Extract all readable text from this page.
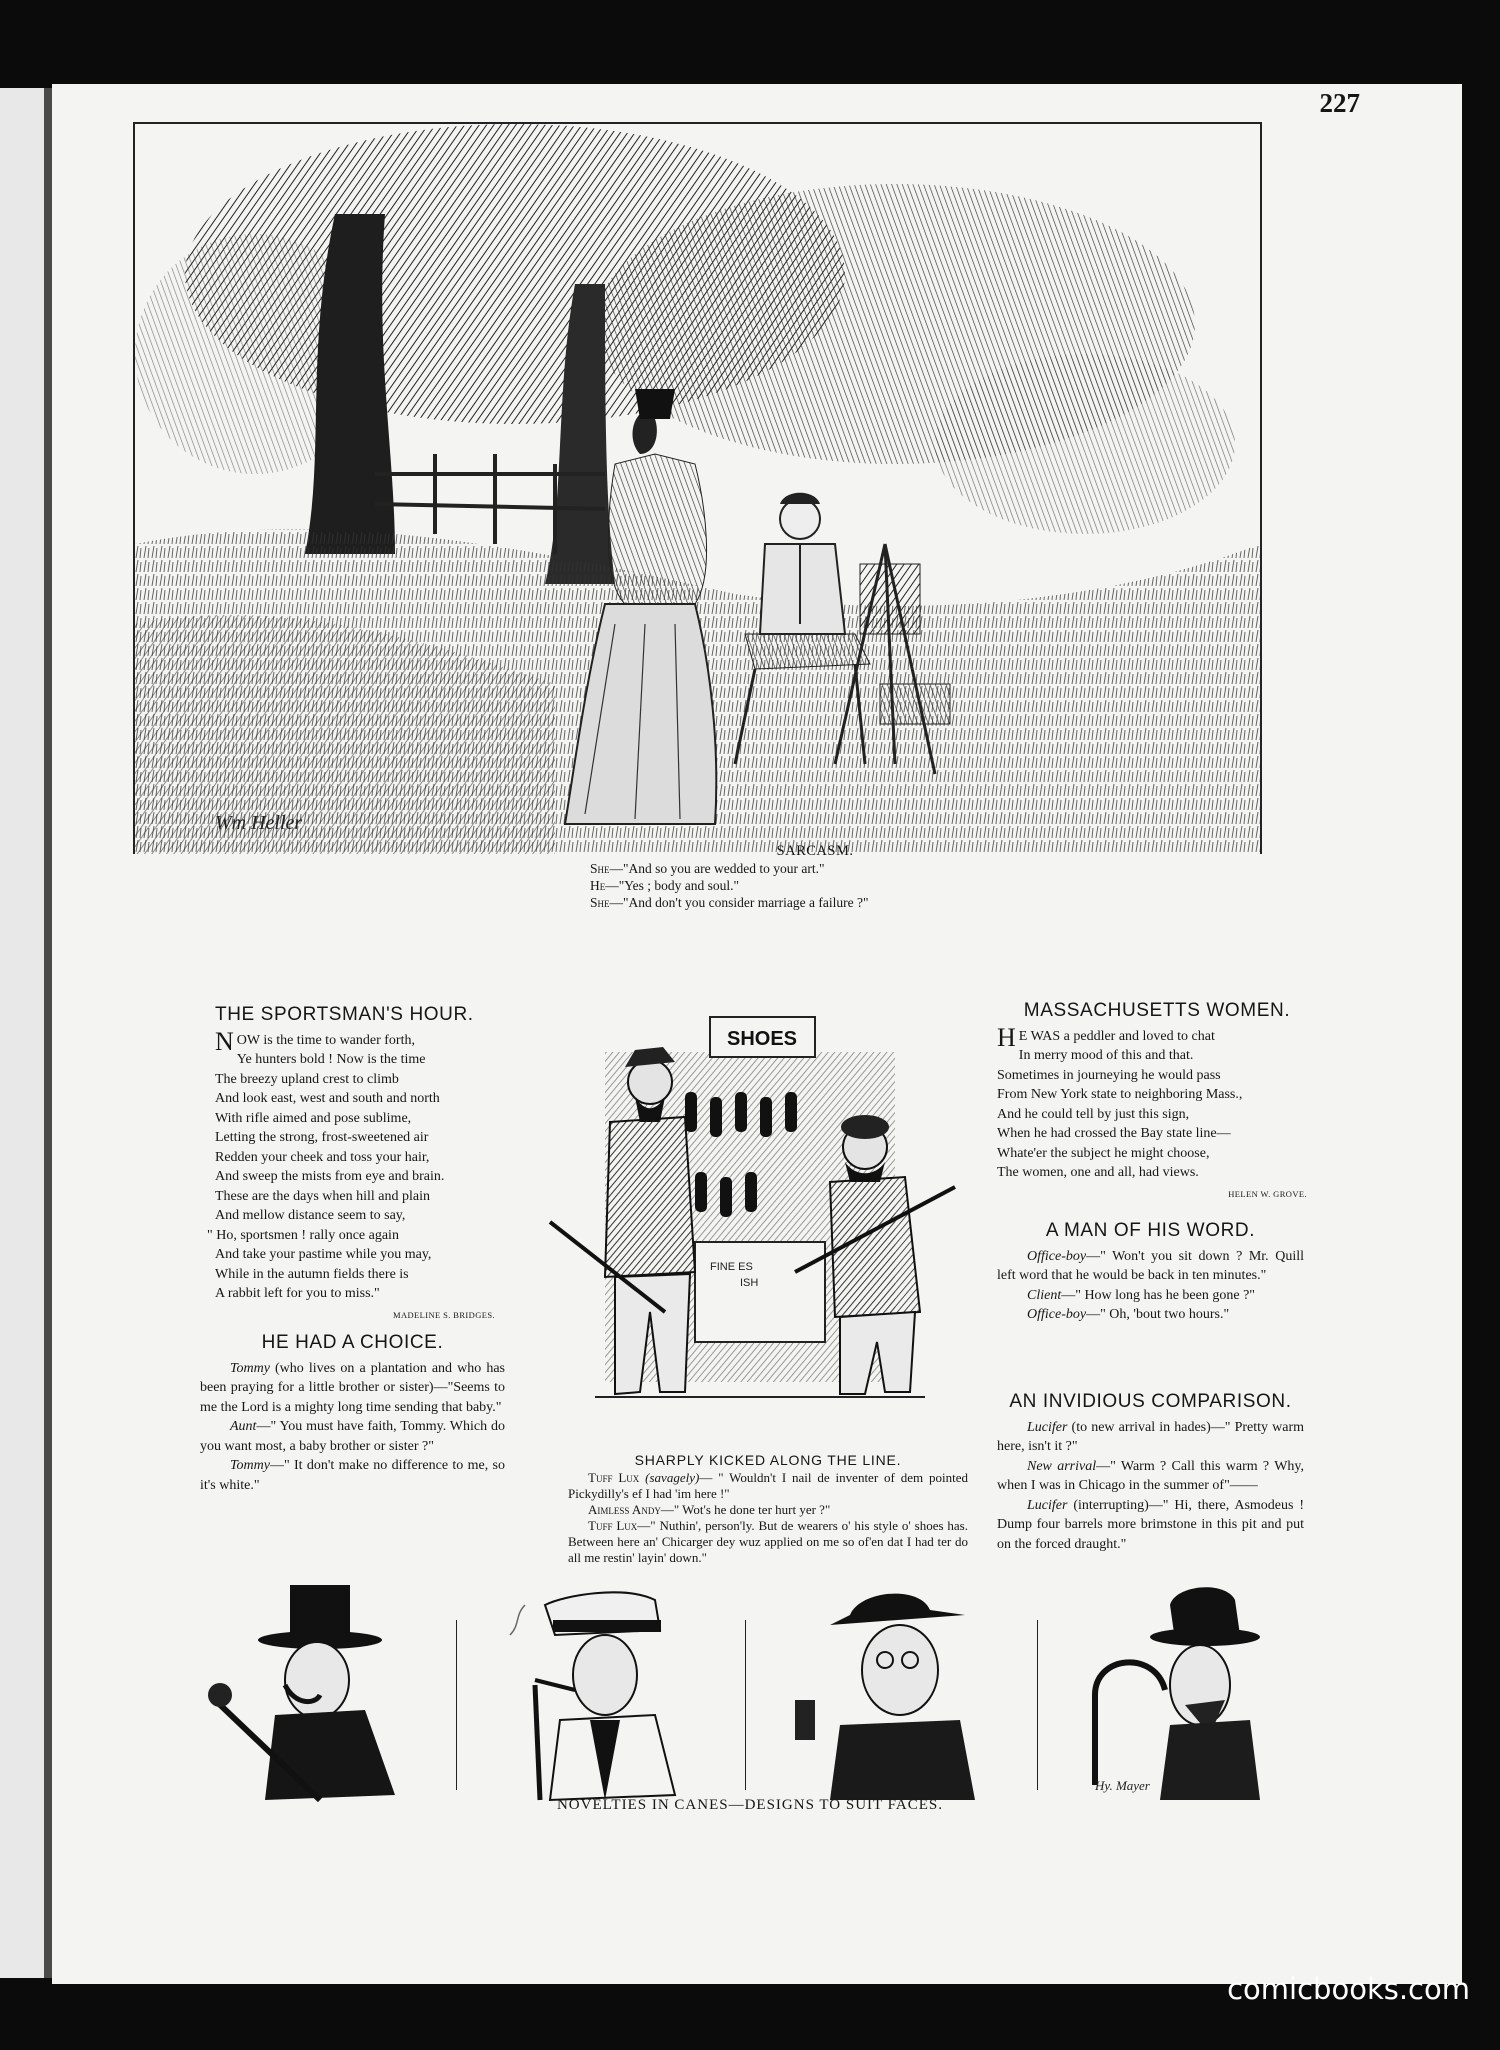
227
Wm Heller
SARCASM.
She—"And so you are wedded to your art."
He—"Yes ; body and soul."
She—"And don't you consider marriage a failure ?"
THE SPORTSMAN'S HOUR.
NOW is the time to wander forth,
Ye hunters bold ! Now is the time
The breezy upland crest to climb
And look east, west and south and north
With rifle aimed and pose sublime,
Letting the strong, frost-sweetened air
Redden your cheek and toss your hair,
And sweep the mists from eye and brain.
These are the days when hill and plain
And mellow distance seem to say,
" Ho, sportsmen ! rally once again
And take your pastime while you may,
While in the autumn fields there is
A rabbit left for you to miss."
MADELINE S. BRIDGES.
HE HAD A CHOICE.

Tommy (who lives on a plantation and who has been praying for a little brother or sister)—"Seems to me the Lord is a mighty long time sending that baby."

Aunt—" You must have faith, Tommy. Which do you want most, a baby brother or sister ?"

Tommy—" It don't make no difference to me, so it's white."

SHOES
FINE ES
ISH
SHARPLY KICKED ALONG THE LINE.

Tuff Lux (savagely)— " Wouldn't I nail de inventer of dem pointed Pickydilly's ef I had 'im here !"

Aimless Andy—" Wot's he done ter hurt yer ?"

Tuff Lux—" Nuthin', person'ly. But de wearers o' his style o' shoes has. Between here an' Chicarger dey wuz applied on me so of'en dat I had ter do all me restin' layin' down."

MASSACHUSETTS WOMEN.
H E WAS a peddler and loved to chat
In merry mood of this and that.
Sometimes in journeying he would pass
From New York state to neighboring Mass.,
And he could tell by just this sign,
When he had crossed the Bay state line—
Whate'er the subject he might choose,
The women, one and all, had views.
HELEN W. GROVE.
A MAN OF HIS WORD.

Office-boy—" Won't you sit down ? Mr. Quill left word that he would be back in ten minutes."

Client—" How long has he been gone ?"

Office-boy—" Oh, 'bout two hours."

AN INVIDIOUS COMPARISON.

Lucifer (to new arrival in hades)—" Pretty warm here, isn't it ?"

New arrival—" Warm ? Call this warm ? Why, when I was in Chicago in the summer of"——

Lucifer (interrupting)—" Hi, there, Asmodeus ! Dump four barrels more brimstone in this pit and put on the forced draught."

Hy. Mayer
NOVELTIES IN CANES—DESIGNS TO SUIT FACES.
comicbooks.com
